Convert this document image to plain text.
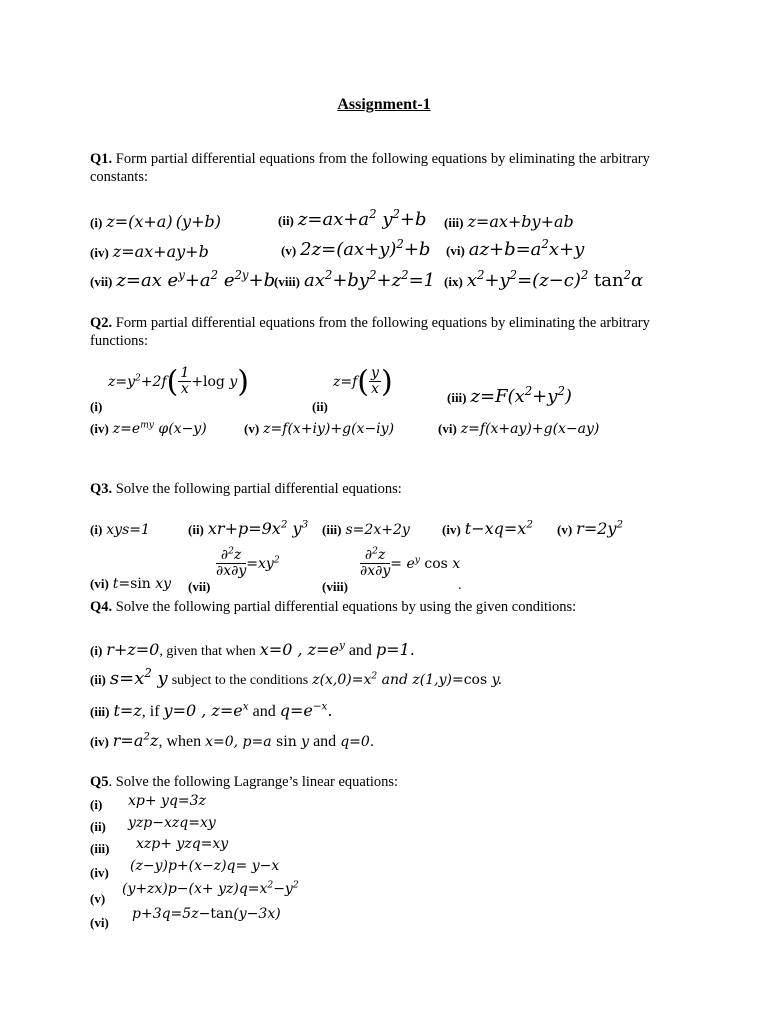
Assignment-1
Q1. Form partial differential equations from the following equations by eliminating the arbitrary constants:
(i) z=(x+a)  (y+b)	(ii) $z=ax+a^2$ $y^2+b$ (iii) z=ax+by+ab
(iv) z=ax+ay+b	(v) $2z=(ax+y)^2+b$ (vi) $az+b=a^2x+y$
(vii) z=ax $e^y+a^2$ $e^{2y}+b$
(viii) $ax^2+by^2+z^2=1$ (ix) $x^2+y^2=(z-c)^2$ $\tan^2\alpha$
Q2. Form partial differential equations from the following equations by eliminating the arbitrary functions:
(i)
$z=y^2+2f( \frac{1}{x} +\log$ y)
(ii)
$z=f( \frac{y}{x}$ )	(iii) $z=F(x^2+y^2)$
(iv) $z=e^{my}$ φ(x−y)	(v) z=f(x+iy)+g(x−iy)	(vi) z=f(x+ay)+g(x−ay)
Q3. Solve the following partial differential equations:
(i) xys=1	(ii) $xr+p=9x^2$ $y^3$ (iii) s=2x+2y (iv) $t-xq=x^2$ (v) $r=2y^2$
(vi) t=sin xy (vii)
$\frac{\partial^2z}{\partial x\partial y} =xy^2$
(viii)
$\frac{\partial^2z}{\partial x\partial y} = e^y$ cos x
.
Q4. Solve the following partial differential equations by using the given conditions:
(i) r+z=0, given that when x=0 , $z=e^y$ and p=1.
(ii) $s=x^2$ y subject to the conditions $z(x,0)=x^2$ and z(1,y)=cos y.
(iii) t=z, if y=0 , $z=e^x$ and $q=e^{-x}$.
(iv) $r=a^2z$, when x=0, p=a sin y and q=0.
Q5. Solve the following Lagrange’s linear equations:
(i) xp+ yq=3z
(ii) yzp−xzq=xy
(iii) xzp+ yzq=xy
(iv) (z−y)p+(x−z)q= y−x
(v)
$(y+zx)p-(x+ yz)q=x^2-y^2$
(vi)
p+3q=5z−tan(y−3x)
